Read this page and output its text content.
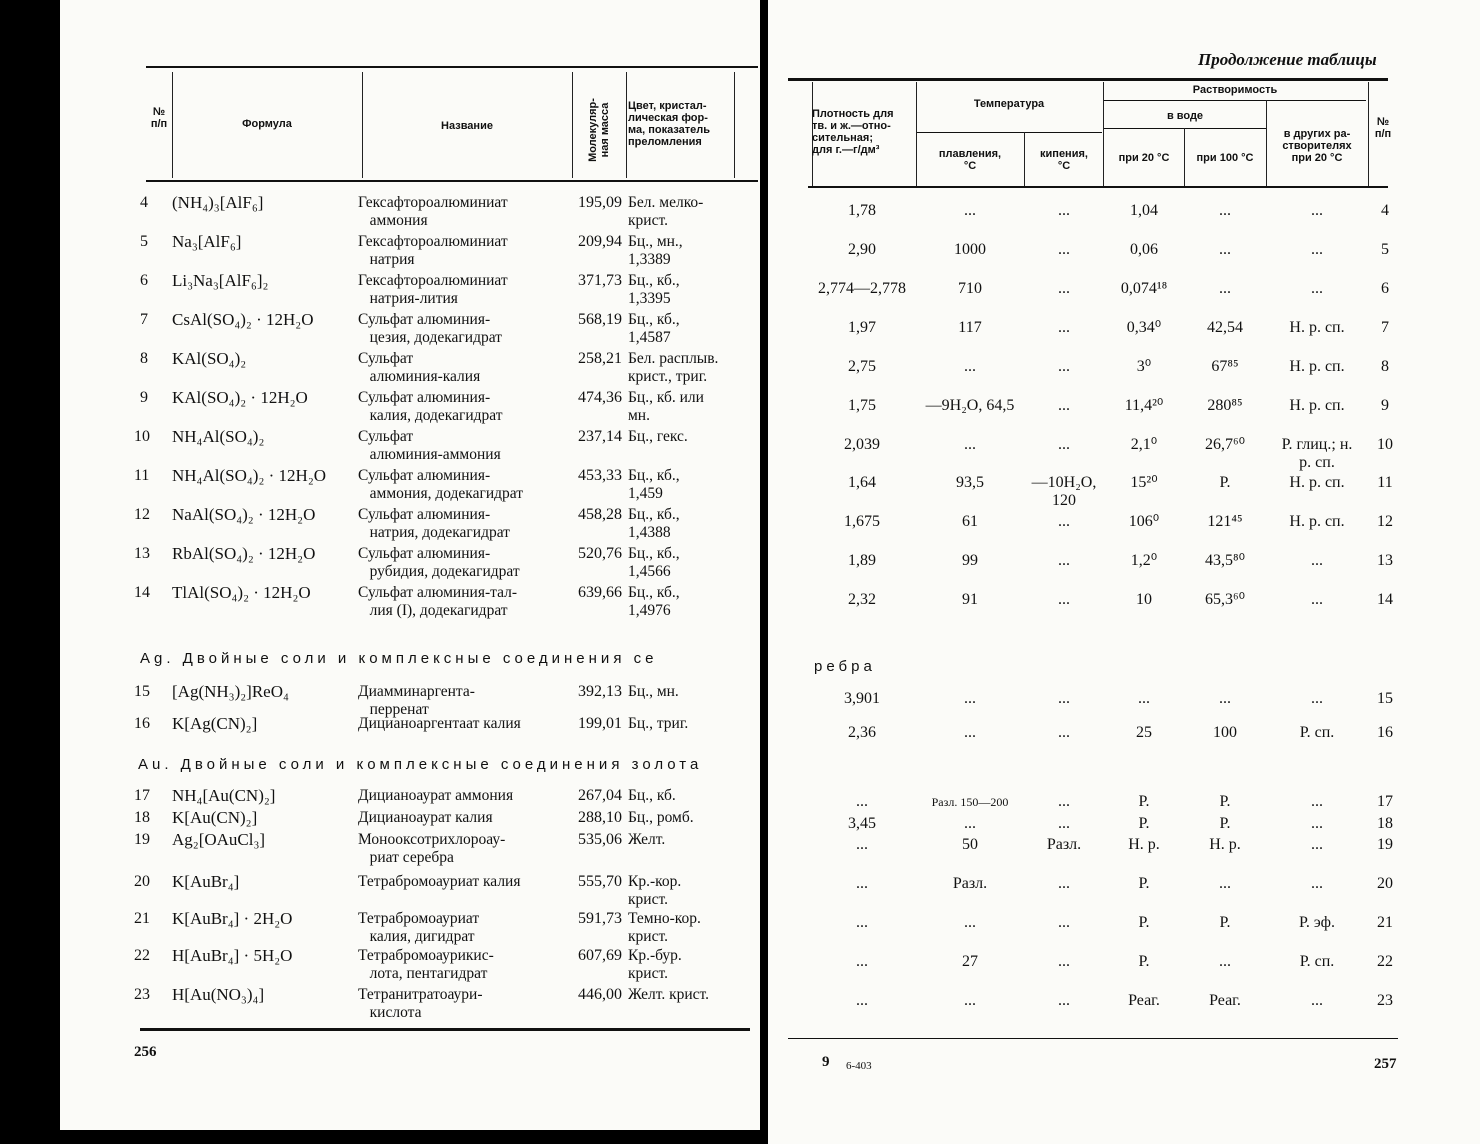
№
п/п	Формула	Название	Молекуляр-
ная масса Цвет, кристал-
лическая фор-
ма, показатель
преломления
4 (NH₄)₃[AlF₆]	Гексафтороалюминиат
аммония
195,09 Бел. мелко-
крист.
5 Na₃[AlF₆]	Гексафтороалюминиат
натрия
209,94 Бц., мн.,
1,3389
6 Li₃Na₃[AlF₆]₂	Гексафтороалюминиат
натрия-лития
371,73 Бц., кб.,
1,3395
7 CsAl(SO₄)₂ · 12H₂O	Сульфат алюминия-
цезия, додекагидрат
568,19 Бц., кб.,
1,4587
8 KAl(SO₄)₂	Сульфат
алюминия-калия
258,21 Бел. расплыв.
крист., триг.
9 KAl(SO₄)₂ · 12H₂O	Сульфат алюминия-
калия, додекагидрат
474,36 Бц., кб. или
мн.
10 NH₄Al(SO₄)₂	Сульфат
алюминия-аммония
237,14 Бц., гекс.
11 NH₄Al(SO₄)₂ · 12H₂O Сульфат алюминия-
аммония, додекагидрат
453,33 Бц., кб.,
1,459
12 NaAl(SO₄)₂ · 12H₂O	Сульфат алюминия-
натрия, додекагидрат
458,28 Бц., кб.,
1,4388
13 RbAl(SO₄)₂ · 12H₂O	Сульфат алюминия-
рубидия, додекагидрат
520,76 Бц., кб.,
1,4566
14 TlAl(SO₄)₂ · 12H₂O	Сульфат алюминия-тал-
лия (I), додекагидрат
639,66 Бц., кб.,
1,4976
15 [Ag(NH₃)₂]ReO₄	Диамминаргента-
перренат
392,13 Бц., мн.
16 K[Ag(CN)₂]	Дицианоаргентаат калия	199,01 Бц., триг.
17 NH₄[Au(CN)₂]	Дицианоаурат аммония	267,04 Бц., кб.
18 K[Au(CN)₂]	Дицианоаурат калия	288,10 Бц., ромб.
19 Ag₂[OAuCl₃]	Монооксотрихлороау-
риат серебра
535,06 Желт.
20 K[AuBr₄]	Тетрабромоауриат калия	555,70 Кр.-кор.
крист.
21 K[AuBr₄] · 2H₂O	Тетрабромоауриат
калия, дигидрат
591,73 Темно-кор.
крист.
22 H[AuBr₄] · 5H₂O	Тетрабромоаурикис-
лота, пентагидрат
607,69 Кр.-бур.
крист.
23 H[Au(NO₃)₄]	Тетранитратоаури-
кислота
446,00 Желт. крист.
Ag. Двойные соли и комплексные соединения се
Au. Двойные соли и комплексные соединения золота
256
Продолжение таблицы
Плотность для
тв. и ж.—отно-
сительная;
для г.—г/дм³
Температура
плавления,
°C
кипения,
°C
Растворимость
в воде
при 20 °C	при 100 °C
в других ра-
створителях
при 20 °C
№
п/п
1,78	...	...	1,04	...	...	4
2,90	1000	...	0,06	...	...	5
2,774—2,778	710	...	0,074¹⁸	...	...	6
1,97	117	...	0,34⁰	42,54	Н. р. сп.	7
2,75	...	...	3⁰	67⁸⁵	Н. р. сп.	8
1,75	—9H₂O, 64,5	...	11,4²⁰	280⁸⁵	Н. р. сп.	9
2,039	...	...	2,1⁰	26,7⁶⁰	Р. глиц.; н.
р. сп.
10
1,64	93,5	—10H₂O,
120
15²⁰	Р.	Н. р. сп.	11
1,675	61	...	106⁰	121⁴⁵	Н. р. сп.	12
1,89	99	...	1,2⁰	43,5⁸⁰	...	13
2,32	91	...	10	65,3⁶⁰	...	14
3,901	...	...	...	...	...	15
2,36	...	...	25	100	Р. сп.	16
...	Разл. 150—200	...	Р.	Р.	...	17
3,45	...	...	Р.	Р.	...	18
...	50	Разл.	Н. р.	Н. р.	...	19
...	Разл.	...	Р.	...	...	20
...	...	...	Р.	Р.	Р. эф.	21
...	27	...	Р.	...	Р. сп.	22
...	...	...	Реаг.	Реаг.	...	23
ребра
9 6-403	257
